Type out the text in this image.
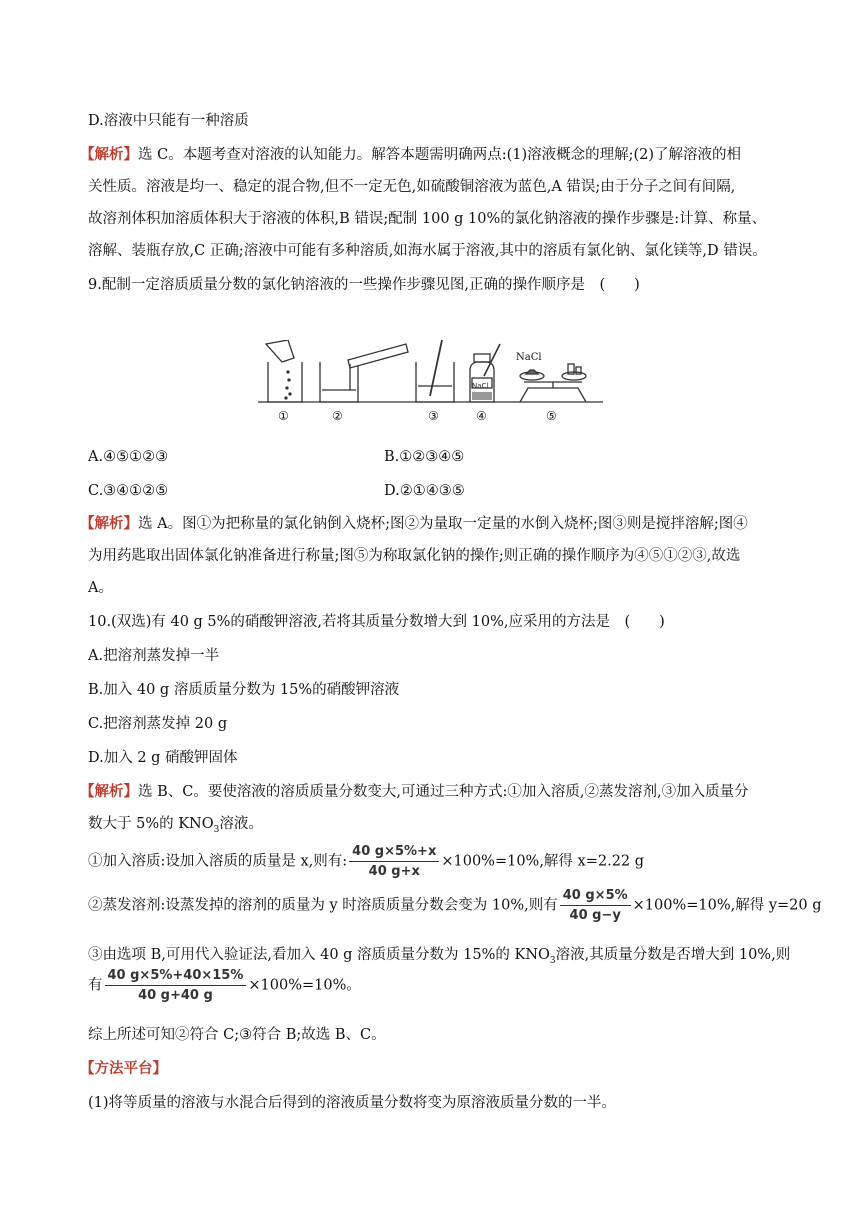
D.溶液中只能有一种溶质
【解析】选 C。本题考查对溶液的认知能力。解答本题需明确两点:(1)溶液概念的理解;(2)了解溶液的相
关性质。溶液是均一、稳定的混合物,但不一定无色,如硫酸铜溶液为蓝色,A 错误;由于分子之间有间隔,
故溶剂体积加溶质体积大于溶液的体积,B 错误;配制 100 g 10%的氯化钠溶液的操作步骤是:计算、称量、
溶解、装瓶存放,C 正确;溶液中可能有多种溶质,如海水属于溶液,其中的溶质有氯化钠、氯化镁等,D 错误。
9.配制一定溶质质量分数的氯化钠溶液的一些操作步骤见图,正确的操作顺序是　(　　)
NaCl
NaCl
①	②	③	④	⑤
A.④⑤①②③	B.①②③④⑤
C.③④①②⑤	D.②①④③⑤
【解析】选 A。图①为把称量的氯化钠倒入烧杯;图②为量取一定量的水倒入烧杯;图③则是搅拌溶解;图④
为用药匙取出固体氯化钠准备进行称量;图⑤为称取氯化钠的操作;则正确的操作顺序为④⑤①②③,故选
A。
10.(双选)有 40 g 5%的硝酸钾溶液,若将其质量分数增大到 10%,应采用的方法是　(　　)
A.把溶剂蒸发掉一半
B.加入 40 g 溶质质量分数为 15%的硝酸钾溶液
C.把溶剂蒸发掉 20 g
D.加入 2 g 硝酸钾固体
【解析】选 B、C。要使溶液的溶质质量分数变大,可通过三种方式:①加入溶质,②蒸发溶剂,③加入质量分
数大于 5%的 $KNO_3$溶液。
①加入溶质:设加入溶质的质量是 x,则有: $\frac{40 g\times 5\%+x}{40 g+x} \times 100\%=10\%$,解得 x=2.22 g
②蒸发溶剂:设蒸发掉的溶剂的质量为 y 时溶质质量分数会变为 10%,则有 $\frac{40 g\times 5\%}{40 g-y} \times 100\%=10\%$,解得 y=20 g
③由选项 B,可用代入验证法,看加入 40 g 溶质质量分数为 15%的 $KNO_3$溶液,其质量分数是否增大到 10%,则
有 $\frac{40 g\times 5\%+40\times 15\%}{40 g+40 g} \times 100\%=10\%$。
综上所述可知②符合 C;③符合 B;故选 B、C。
【方法平台】
(1)将等质量的溶液与水混合后得到的溶液质量分数将变为原溶液质量分数的一半。
